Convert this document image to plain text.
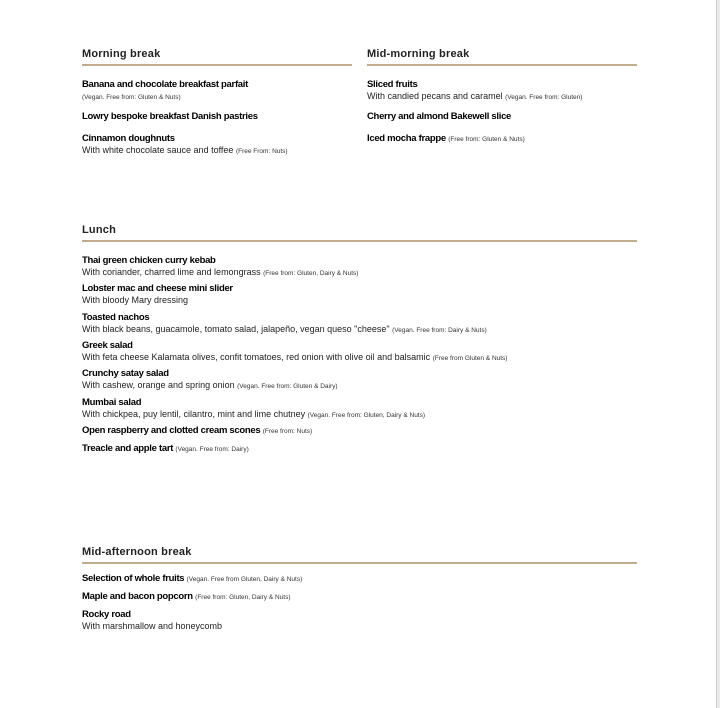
Morning break
Banana and chocolate breakfast parfait
(Vegan. Free from: Gluten & Nuts)
Lowry bespoke breakfast Danish pastries
Cinnamon doughnuts
With white chocolate sauce and toffee (Free From: Nuts)
Mid-morning break
Sliced fruits
With candied pecans and caramel (Vegan. Free from: Gluten)
Cherry and almond Bakewell slice
Iced mocha frappe (Free from: Gluten & Nuts)
Lunch
Thai green chicken curry kebab
With coriander, charred lime and lemongrass (Free from: Gluten, Dairy & Nuts)
Lobster mac and cheese mini slider
With bloody Mary dressing
Toasted nachos
With black beans, guacamole, tomato salad, jalapeño, vegan queso "cheese" (Vegan. Free from: Dairy & Nuts)
Greek salad
With feta cheese Kalamata olives, confit tomatoes, red onion with olive oil and balsamic (Free from Gluten & Nuts)
Crunchy satay salad
With cashew, orange and spring onion (Vegan. Free from: Gluten & Dairy)
Mumbai salad
With chickpea, puy lentil, cilantro, mint and lime chutney (Vegan. Free from: Gluten, Dairy & Nuts)
Open raspberry and clotted cream scones (Free from: Nuts)
Treacle and apple tart (Vegan. Free from: Dairy)
Mid-afternoon break
Selection of whole fruits (Vegan. Free from Gluten, Dairy & Nuts)
Maple and bacon popcorn (Free from: Gluten, Dairy & Nuts)
Rocky road
With marshmallow and honeycomb
